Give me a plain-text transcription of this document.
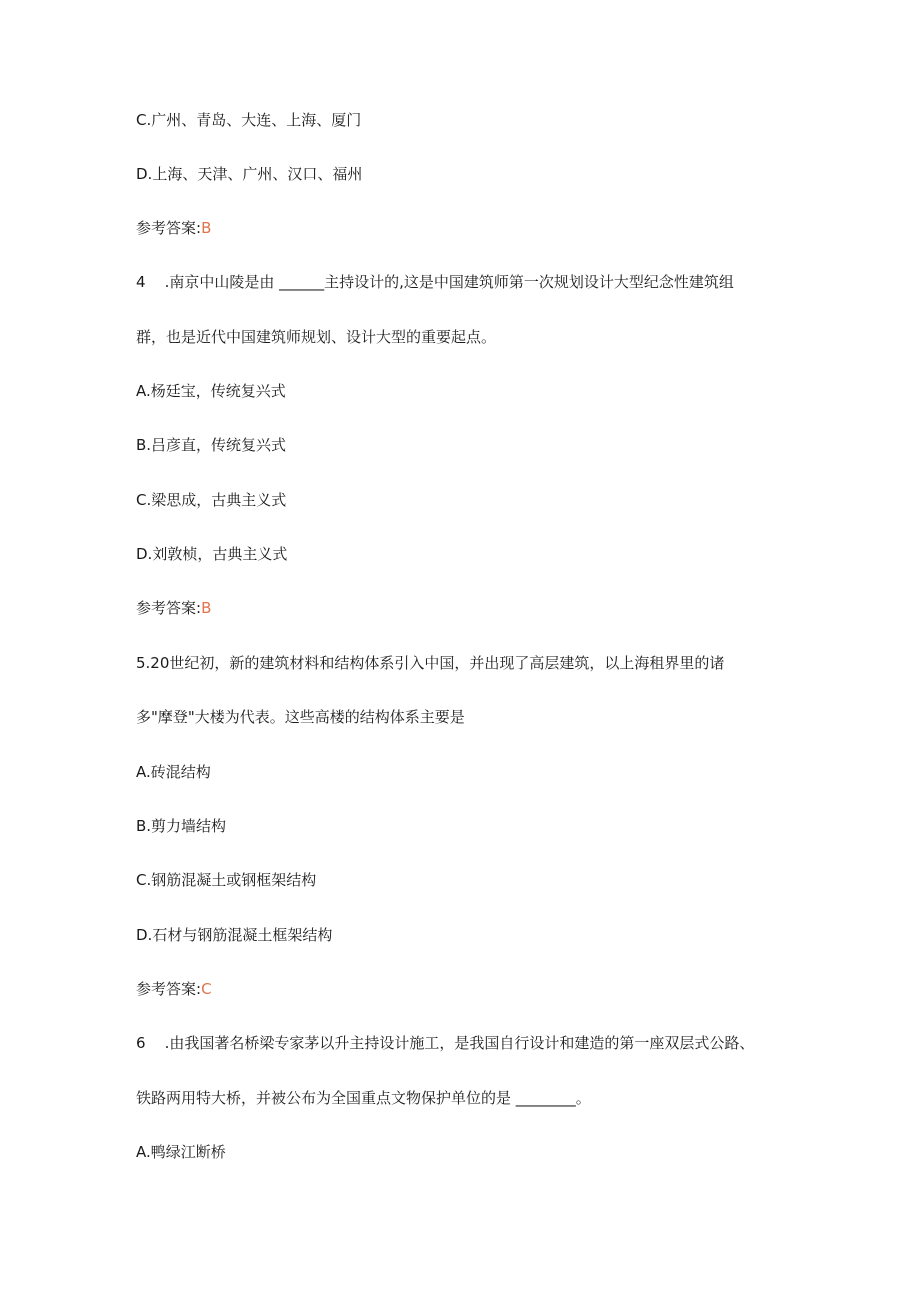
C.广州、青岛、大连、上海、厦门
D.上海、天津、广州、汉口、福州
参考答案:B
4    .南京中山陵是由 ______主持设计的,这是中国建筑师第一次规划设计大型纪念性建筑组
群，也是近代中国建筑师规划、设计大型的重要起点。
A.杨廷宝，传统复兴式
B.吕彦直，传统复兴式
C.梁思成，古典主义式
D.刘敦桢，古典主义式
参考答案:B
5.20世纪初，新的建筑材料和结构体系引入中国，并出现了高层建筑，以上海租界里的诸
多"摩登"大楼为代表。这些高楼的结构体系主要是
A.砖混结构
B.剪力墙结构
C.钢筋混凝土或钢框架结构
D.石材与钢筋混凝土框架结构
参考答案:C
6    .由我国著名桥梁专家茅以升主持设计施工，是我国自行设计和建造的第一座双层式公路、
铁路两用特大桥，并被公布为全国重点文物保护单位的是 ________。
A.鸭绿江断桥
